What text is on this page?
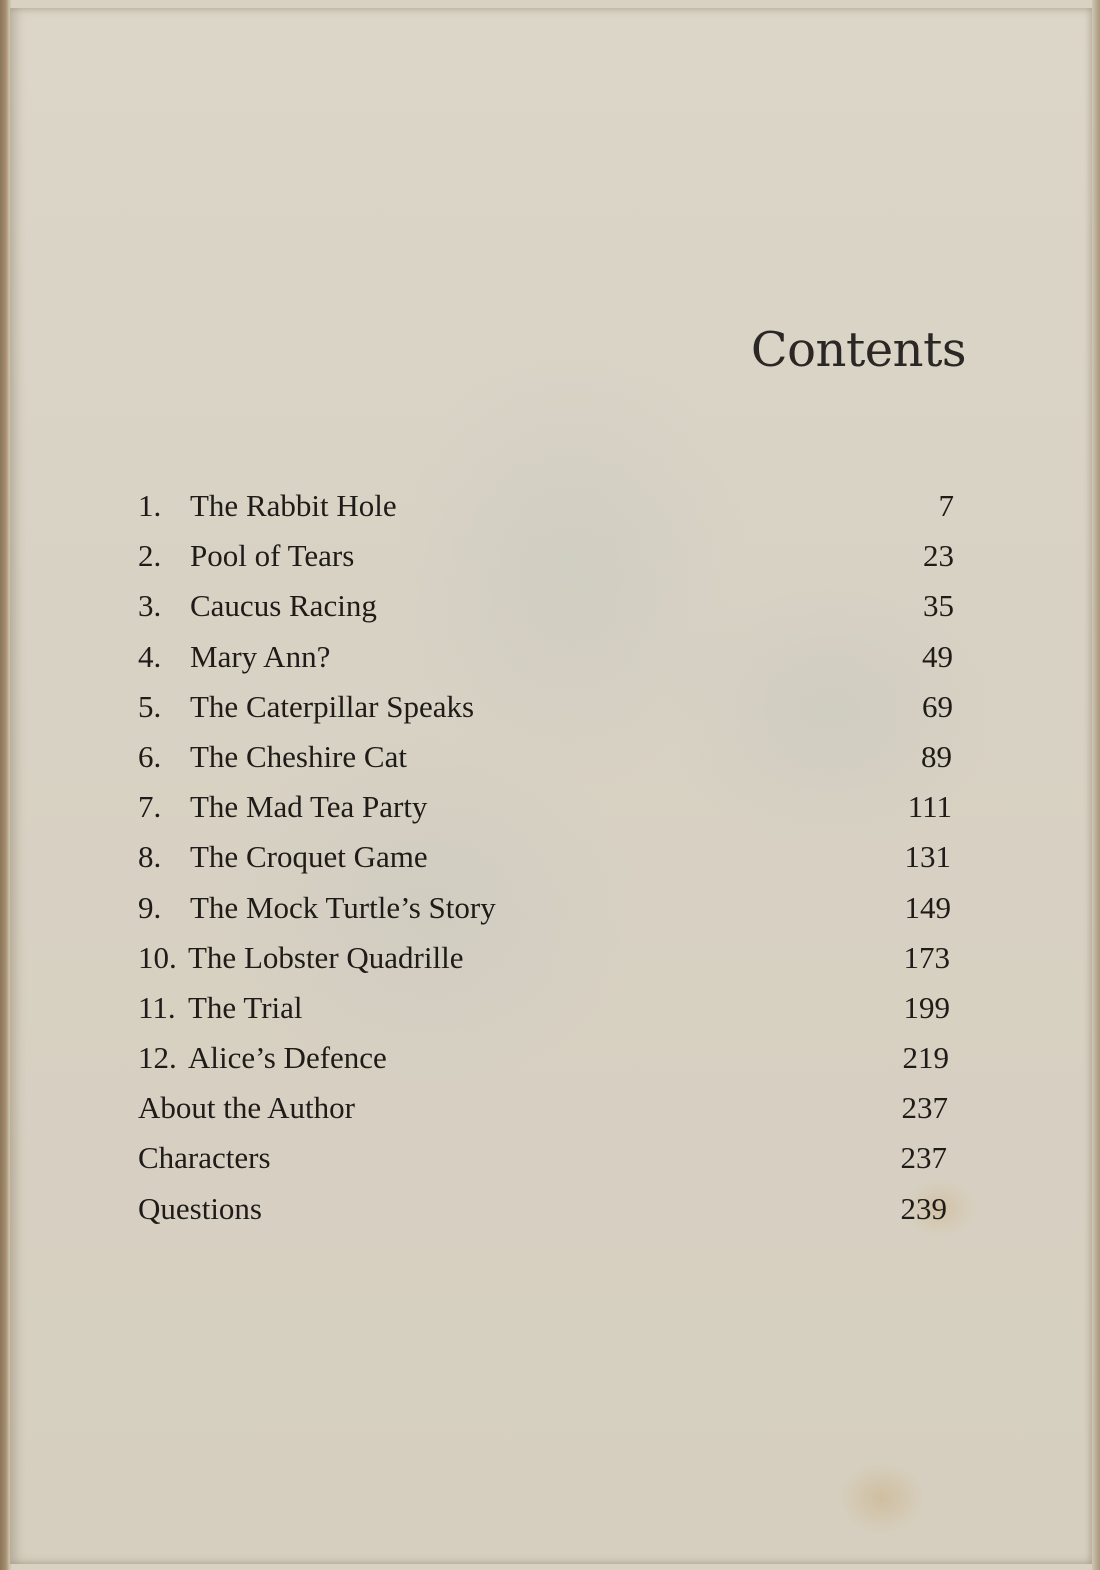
Contents
1. The Rabbit Hole	7
2. Pool of Tears	23
3. Caucus Racing	35
4. Mary Ann?	49
5. The Caterpillar Speaks	69
6. The Cheshire Cat	89
7. The Mad Tea Party	111
8. The Croquet Game	131
9. The Mock Turtle’s Story	149
10. The Lobster Quadrille	173
11. The Trial	199
12. Alice’s Defence	219
About the Author	237
Characters	237
Questions	239
